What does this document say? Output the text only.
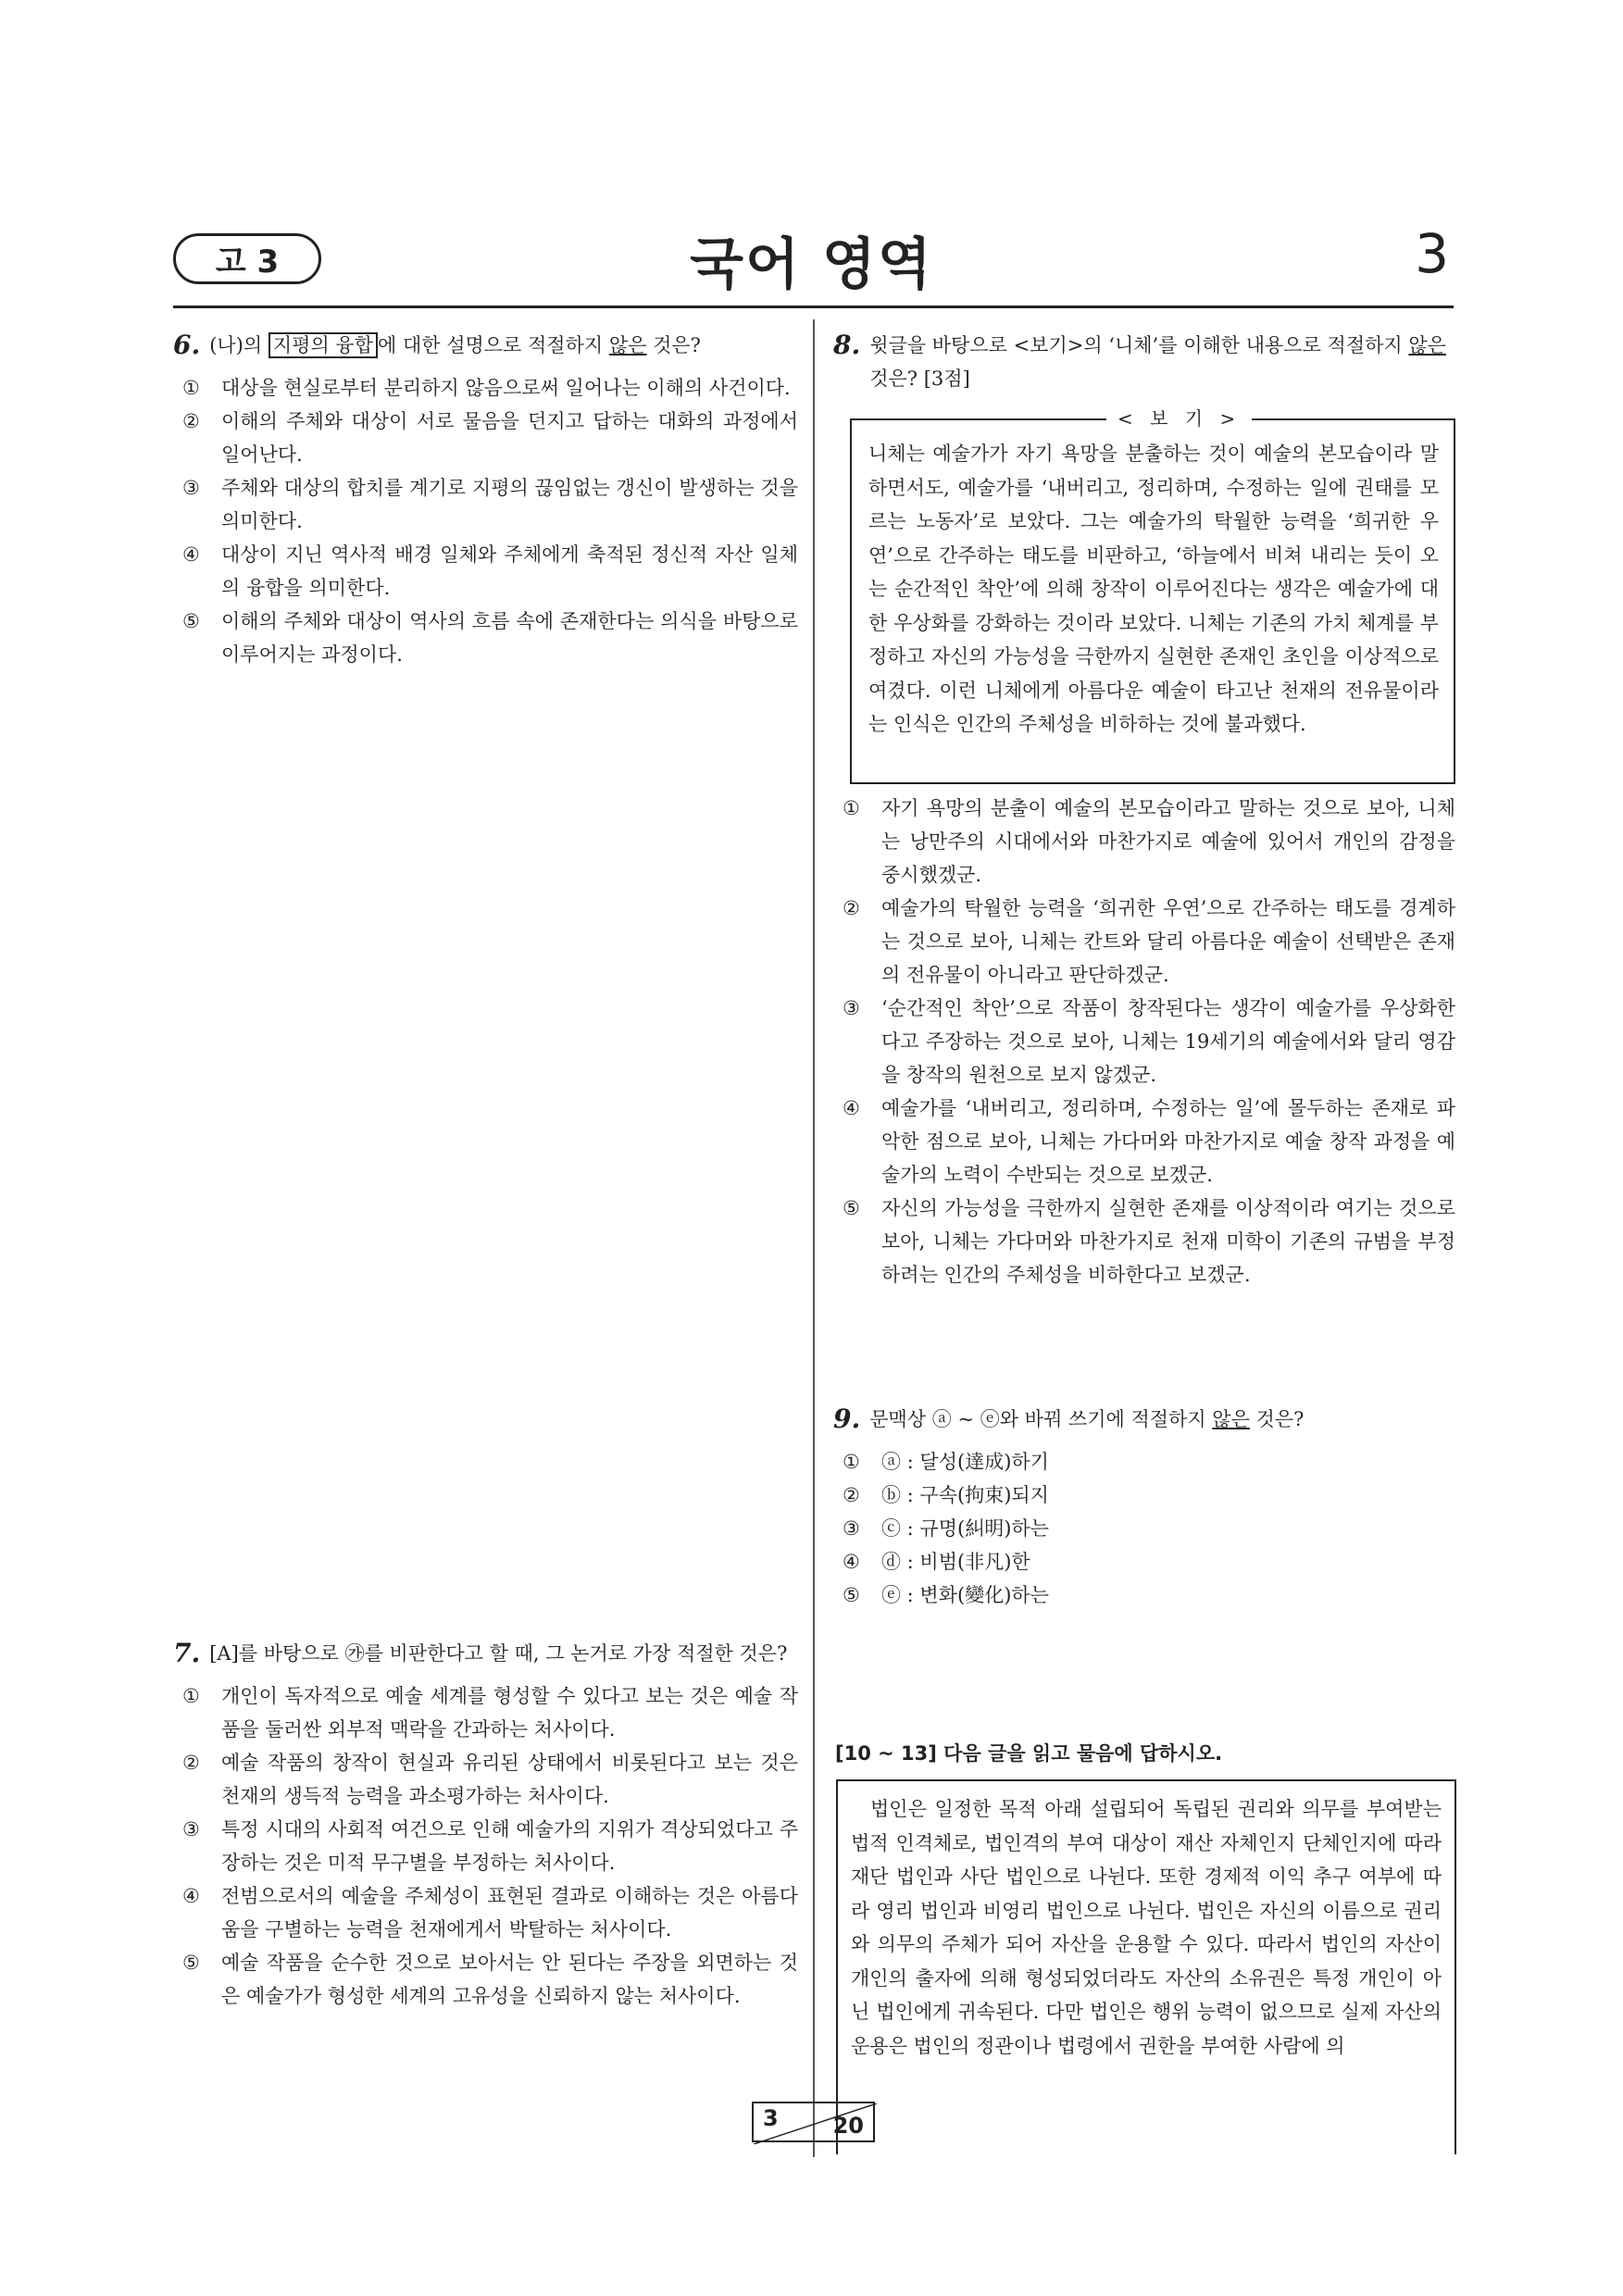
고 3	국어 영역	3
6. (나)의 지평의 융합 에 대한 설명으로 적절하지 않은 것은?
①	대상을 현실로부터 분리하지 않음으로써 일어나는 이해의 사건이다.
②	이해의 주체와 대상이 서로 물음을 던지고 답하는 대화의 과정에서 일어난다.
③	주체와 대상의 합치를 계기로 지평의 끊임없는 갱신이 발생하는 것을 의미한다.
④	대상이 지닌 역사적 배경 일체와 주체에게 축적된 정신적 자산 일체의 융합을 의미한다.
⑤	이해의 주체와 대상이 역사의 흐름 속에 존재한다는 의식을 바탕으로 이루어지는 과정이다.
7. [A]를 바탕으로 ㉮를 비판한다고 할 때, 그 논거로 가장 적절한 것은?
①	개인이 독자적으로 예술 세계를 형성할 수 있다고 보는 것은 예술 작품을 둘러싼 외부적 맥락을 간과하는 처사이다.
②	예술 작품의 창작이 현실과 유리된 상태에서 비롯된다고 보는 것은 천재의 생득적 능력을 과소평가하는 처사이다.
③	특정 시대의 사회적 여건으로 인해 예술가의 지위가 격상되었다고 주장하는 것은 미적 무구별을 부정하는 처사이다.
④	전범으로서의 예술을 주체성이 표현된 결과로 이해하는 것은 아름다움을 구별하는 능력을 천재에게서 박탈하는 처사이다.
⑤	예술 작품을 순수한 것으로 보아서는 안 된다는 주장을 외면하는 것은 예술가가 형성한 세계의 고유성을 신뢰하지 않는 처사이다.
8. 윗글을 바탕으로 <보기>의 ‘니체’를 이해한 내용으로 적절하지 않은 것은? [3점]
니체는 예술가가 자기 욕망을 분출하는 것이 예술의 본모습이라 말하면서도, 예술가를 ‘내버리고, 정리하며, 수정하는 일에 권태를 모르는 노동자’로 보았다. 그는 예술가의 탁월한 능력을 ‘희귀한 우연’으로 간주하는 태도를 비판하고, ‘하늘에서 비쳐 내리는 듯이 오는 순간적인 착안’에 의해 창작이 이루어진다는 생각은 예술가에 대한 우상화를 강화하는 것이라 보았다. 니체는 기존의 가치 체계를 부정하고 자신의 가능성을 극한까지 실현한 존재인 초인을 이상적으로 여겼다. 이런 니체에게 아름다운 예술이 타고난 천재의 전유물이라는 인식은 인간의 주체성을 비하하는 것에 불과했다.
< 보 기 >
①	자기 욕망의 분출이 예술의 본모습이라고 말하는 것으로 보아, 니체는 낭만주의 시대에서와 마찬가지로 예술에 있어서 개인의 감정을 중시했겠군.
②	예술가의 탁월한 능력을 ‘희귀한 우연’으로 간주하는 태도를 경계하는 것으로 보아, 니체는 칸트와 달리 아름다운 예술이 선택받은 존재의 전유물이 아니라고 판단하겠군.
③	‘순간적인 착안’으로 작품이 창작된다는 생각이 예술가를 우상화한다고 주장하는 것으로 보아, 니체는 19세기의 예술에서와 달리 영감을 창작의 원천으로 보지 않겠군.
④	예술가를 ‘내버리고, 정리하며, 수정하는 일’에 몰두하는 존재로 파악한 점으로 보아, 니체는 가다머와 마찬가지로 예술 창작 과정을 예술가의 노력이 수반되는 것으로 보겠군.
⑤	자신의 가능성을 극한까지 실현한 존재를 이상적이라 여기는 것으로 보아, 니체는 가다머와 마찬가지로 천재 미학이 기존의 규범을 부정하려는 인간의 주체성을 비하한다고 보겠군.
9. 문맥상 ⓐ ~ ⓔ와 바꿔 쓰기에 적절하지 않은 것은?
①	ⓐ : 달성(達成)하기
②	ⓑ : 구속(拘束)되지
③	ⓒ : 규명(糾明)하는
④	ⓓ : 비범(非凡)한
⑤	ⓔ : 변화(變化)하는
[10 ~ 13] 다음 글을 읽고 물음에 답하시오.
법인은 일정한 목적 아래 설립되어 독립된 권리와 의무를 부여받는 법적 인격체로, 법인격의 부여 대상이 재산 자체인지 단체인지에 따라 재단 법인과 사단 법인으로 나뉜다. 또한 경제적 이익 추구 여부에 따라 영리 법인과 비영리 법인으로 나뉜다. 법인은 자신의 이름으로 권리와 의무의 주체가 되어 자산을 운용할 수 있다. 따라서 법인의 자산이 개인의 출자에 의해 형성되었더라도 자산의 소유권은 특정 개인이 아닌 법인에게 귀속된다. 다만 법인은 행위 능력이 없으므로 실제 자산의 운용은 법인의 정관이나 법령에서 권한을 부여한 사람에 의
3 20
